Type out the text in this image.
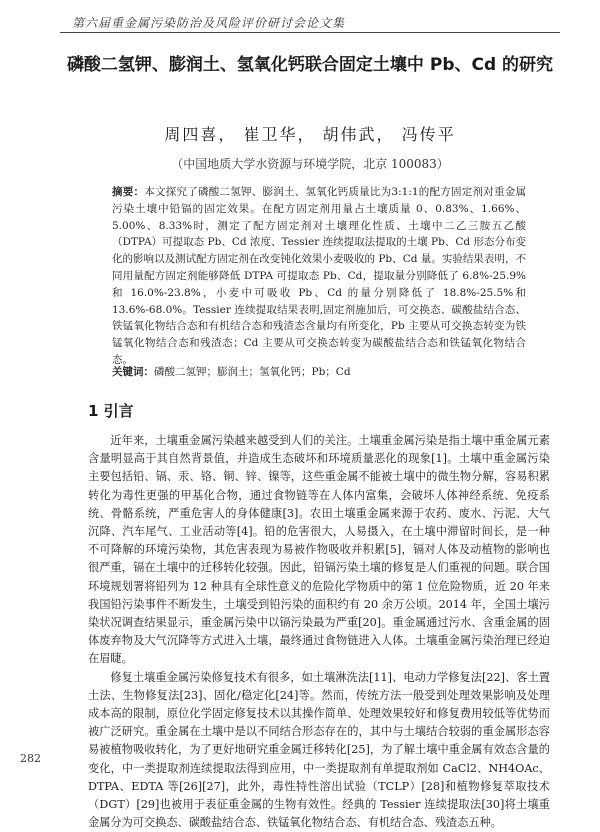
第六届重金属污染防治及风险评价研讨会论文集
磷酸二氢钾、膨润土、氢氧化钙联合固定土壤中 Pb、Cd 的研究
周四喜， 崔卫华， 胡伟武， 冯传平
（中国地质大学水资源与环境学院，北京 100083）
摘要：本文探究了磷酸二氢钾、膨润土、氢氧化钙质量比为3:1:1的配方固定剂对重金属污染土壤中铅镉的固定效果。在配方固定剂用量占土壤质量 0、0.83%、1.66%、5.00%、8.33%时，测定了配方固定剂对土壤理化性质、土壤中二乙三胺五乙酸（DTPA）可提取态 Pb、Cd 浓度、Tessier 连续提取法提取的土壤 Pb、Cd 形态分布变化的影响以及测试配方固定剂在改变钝化效果小麦吸收的 Pb、Cd 量。实验结果表明，不同用量配方固定剂能够降低 DTPA 可提取态 Pb、Cd，提取量分别降低了 6.8%-25.9%和 16.0%-23.8%，小麦中可吸收 Pb、Cd 的量分别降低了 18.8%-25.5%和 13.6%-68.0%。Tessier 连续提取结果表明,固定剂施加后，可交换态、碳酸盐结合态、铁锰氧化物结合态和有机结合态和残渣态含量均有所变化，Pb 主要从可交换态转变为铁锰氧化物结合态和残渣态；Cd 主要从可交换态转变为碳酸盐结合态和铁锰氧化物结合态。
关键词：磷酸二氢钾；膨润土；氢氧化钙；Pb；Cd
1 引言

近年来，土壤重金属污染越来越受到人们的关注。土壤重金属污染是指土壤中重金属元素含量明显高于其自然背景值，并造成生态破坏和环境质量恶化的现象[1]。土壤中重金属污染主要包括铅、镉、汞、铬、铜、锌、镍等，这些重金属不能被土壤中的微生物分解，容易积累转化为毒性更强的甲基化合物，通过食物链等在人体内富集，会破坏人体神经系统、免疫系统、骨骼系统，严重危害人的身体健康[3]。农田土壤重金属来源于农药、废水、污泥、大气沉降、汽车尾气、工业活动等[4]。铅的危害很大，人易摄入，在土壤中滞留时间长，是一种不可降解的环境污染物，其危害表现为易被作物吸收并积累[5]，镉对人体及动植物的影响也很严重，镉在土壤中的迁移转化较强。因此，铅镉污染土壤的修复是人们重视的问题。联合国环境规划署将铅列为 12 种具有全球性意义的危险化学物质中的第 1 位危险物质，近 20 年来我国铅污染事件不断发生，土壤受到铅污染的面积约有 20 余万公顷。2014 年，全国土壤污染状况调查结果显示，重金属污染中以镉污染最为严重[20]。重金属通过污水、含重金属的固体废弃物及大气沉降等方式进入土壤，最终通过食物链进入人体。土壤重金属污染治理已经迫在眉睫。

修复土壤重金属污染修复技术有很多，如土壤淋洗法[11]、电动力学修复法[22]、客土置土法、生物修复法[23]、固化/稳定化[24]等。然而，传统方法一般受到处理效果影响及处理成本高的限制，原位化学固定修复技术以其操作简单、处理效果较好和修复费用较低等优势而被广泛研究。重金属在土壤中是以不同结合形态存在的，其中与土壤结合较弱的重金属形态容易被植物吸收转化，为了更好地研究重金属迁移转化[25]，为了解土壤中重金属有效态含量的变化，中一类提取剂连续提取法得到应用，中一类提取剂有单提取剂如 CaCl2、NH4OAc、DTPA、EDTA 等[26][27]，此外，毒性特性溶出试验（TCLP）[28]和植物修复萃取技术（DGT）[29]也被用于表征重金属的生物有效性。经典的 Tessier 连续提取法[30]将土壤重金属分为可交换态、碳酸盐结合态、铁锰氧化物结合态、有机结合态、残渣态五种。

282
